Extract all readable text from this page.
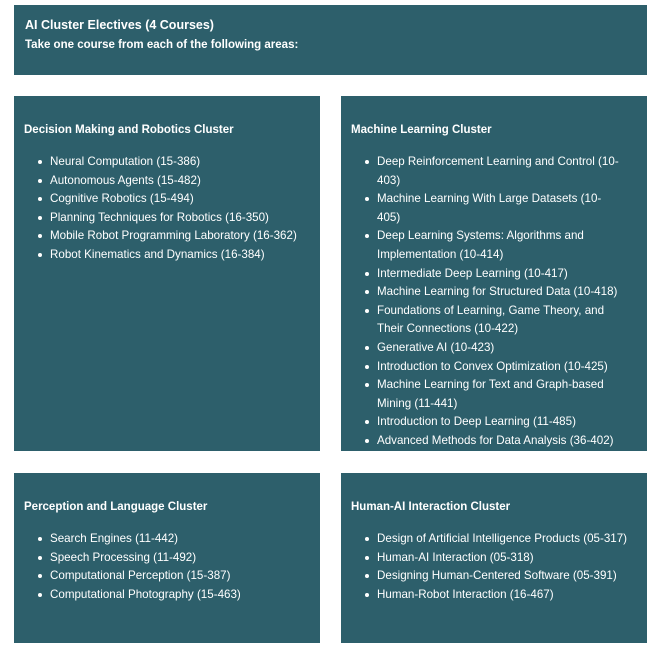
AI Cluster Electives (4 Courses)
Take one course from each of the following areas:
Decision Making and Robotics Cluster
Neural Computation (15-386)
Autonomous Agents (15-482)
Cognitive Robotics (15-494)
Planning Techniques for Robotics (16-350)
Mobile Robot Programming Laboratory (16-362)
Robot Kinematics and Dynamics (16-384)
Machine Learning Cluster
Deep Reinforcement Learning and Control (10-403)
Machine Learning With Large Datasets (10-405)
Deep Learning Systems: Algorithms and Implementation (10-414)
Intermediate Deep Learning (10-417)
Machine Learning for Structured Data (10-418)
Foundations of Learning, Game Theory, and Their Connections (10-422)
Generative AI (10-423)
Introduction to Convex Optimization (10-425)
Machine Learning for Text and Graph-based Mining (11-441)
Introduction to Deep Learning (11-485)
Advanced Methods for Data Analysis (36-402)
Perception and Language Cluster
Search Engines (11-442)
Speech Processing (11-492)
Computational Perception (15-387)
Computational Photography (15-463)
Human-AI Interaction Cluster
Design of Artificial Intelligence Products (05-317)
Human-AI Interaction (05-318)
Designing Human-Centered Software (05-391)
Human-Robot Interaction (16-467)
